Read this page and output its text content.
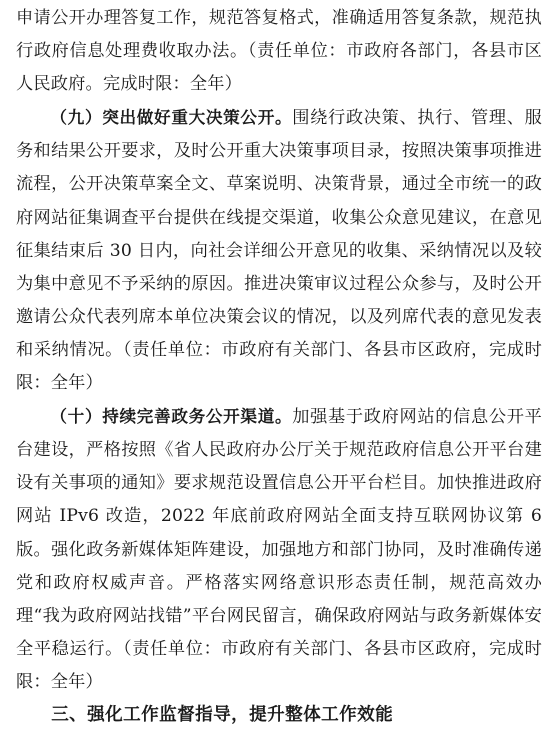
申请公开办理答复工作，规范答复格式，准确适用答复条款，规范执行政府信息处理费收取办法。（责任单位：市政府各部门，各县市区人民政府。完成时限：全年）

（九）突出做好重大决策公开。围绕行政决策、执行、管理、服务和结果公开要求，及时公开重大决策事项目录，按照决策事项推进流程，公开决策草案全文、草案说明、决策背景，通过全市统一的政府网站征集调查平台提供在线提交渠道，收集公众意见建议，在意见征集结束后 30 日内，向社会详细公开意见的收集、采纳情况以及较为集中意见不予采纳的原因。推进决策审议过程公众参与，及时公开邀请公众代表列席本单位决策会议的情况，以及列席代表的意见发表和采纳情况。（责任单位：市政府有关部门、各县市区政府，完成时限：全年）

（十）持续完善政务公开渠道。加强基于政府网站的信息公开平台建设，严格按照《省人民政府办公厅关于规范政府信息公开平台建设有关事项的通知》要求规范设置信息公开平台栏目。加快推进政府网站 IPv6 改造，2022 年底前政府网站全面支持互联网协议第 6 版。强化政务新媒体矩阵建设，加强地方和部门协同，及时准确传递党和政府权威声音。严格落实网络意识形态责任制，规范高效办理“我为政府网站找错”平台网民留言，确保政府网站与政务新媒体安全平稳运行。（责任单位：市政府有关部门、各县市区政府，完成时限：全年）

三、强化工作监督指导，提升整体工作效能
